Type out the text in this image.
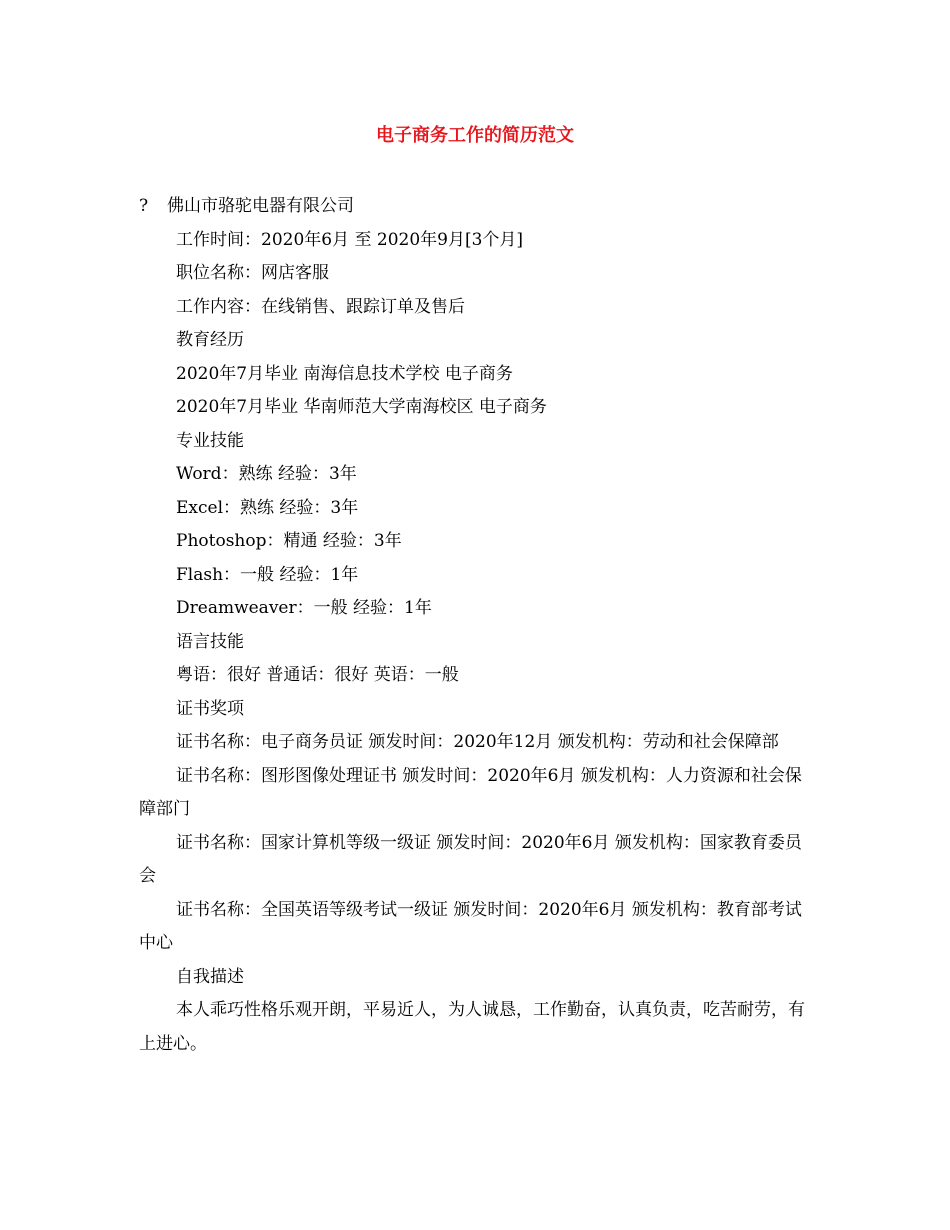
电子商务工作的简历范文
? 佛山市骆驼电器有限公司
工作时间：2020年6月 至 2020年9月[3个月]
职位名称：网店客服
工作内容：在线销售、跟踪订单及售后
教育经历
2020年7月毕业 南海信息技术学校 电子商务
2020年7月毕业 华南师范大学南海校区 电子商务
专业技能
Word：熟练 经验：3年
Excel：熟练 经验：3年
Photoshop：精通 经验：3年
Flash：一般 经验：1年
Dreamweaver：一般 经验：1年
语言技能
粤语：很好 普通话：很好 英语：一般
证书奖项

证书名称：电子商务员证 颁发时间：2020年12月 颁发机构：劳动和社会保障部

证书名称：图形图像处理证书 颁发时间：2020年6月 颁发机构：人力资源和社会保障部门

证书名称：国家计算机等级一级证 颁发时间：2020年6月 颁发机构：国家教育委员会

证书名称：全国英语等级考试一级证 颁发时间：2020年6月 颁发机构：教育部考试中心

自我描述

本人乖巧性格乐观开朗，平易近人，为人诚恳，工作勤奋，认真负责，吃苦耐劳，有上进心。
